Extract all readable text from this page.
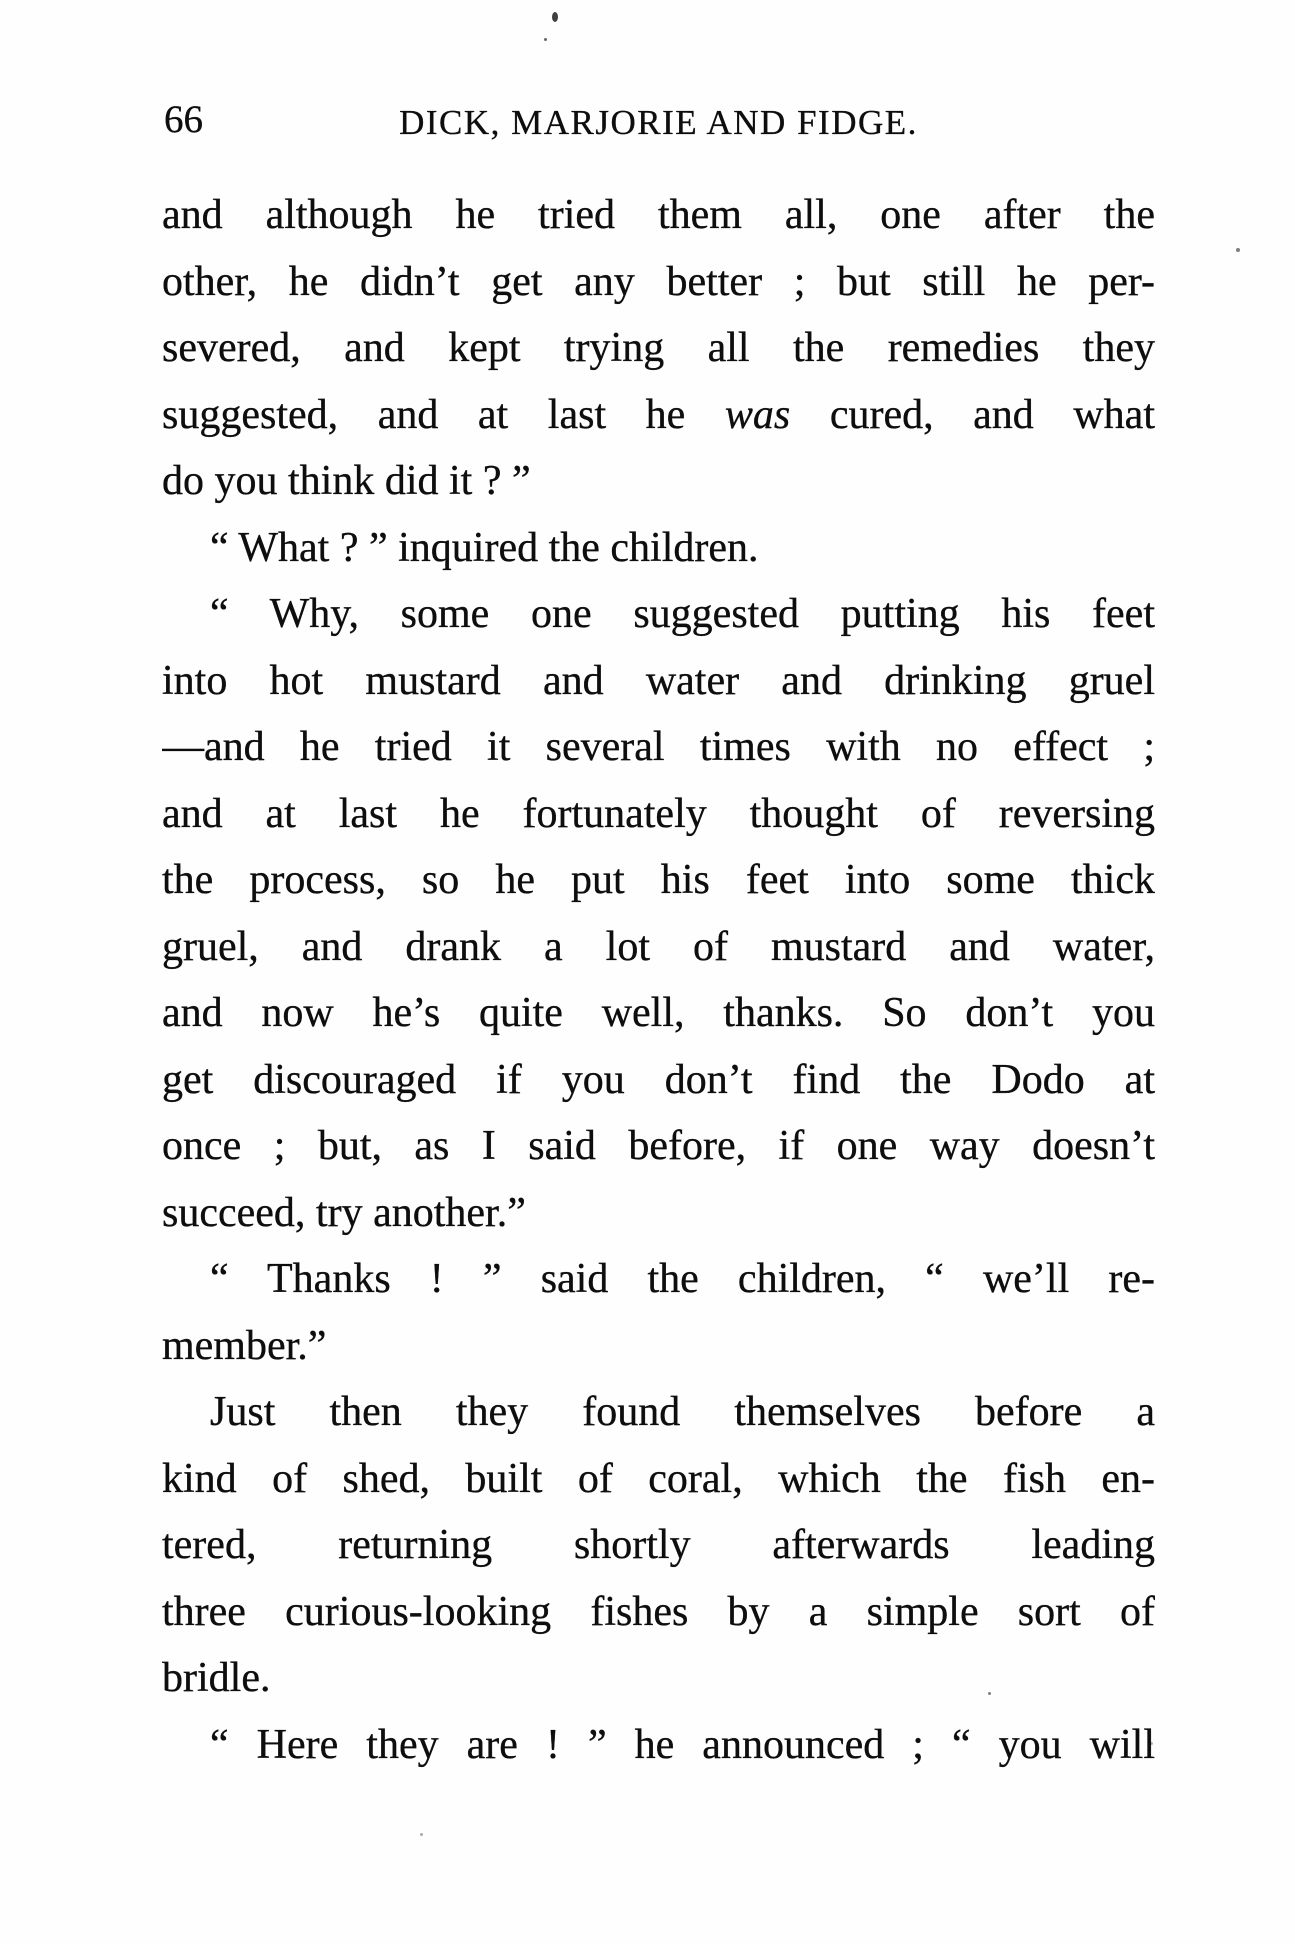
66	DICK, MARJORIE AND FIDGE.
and although he tried them all, one after the
other, he didn’t get any better ; but still he per-
severed, and kept trying all the remedies they
suggested, and at last he was cured, and what
do you think did it ? ”
“ What ? ” inquired the children.
“ Why, some one suggested putting his feet
into hot mustard and water and drinking gruel
—and he tried it several times with no effect ;
and at last he fortunately thought of reversing
the process, so he put his feet into some thick
gruel, and drank a lot of mustard and water,
and now he’s quite well, thanks. So don’t you
get discouraged if you don’t find the Dodo at
once ; but, as I said before, if one way doesn’t
succeed, try another.”
“ Thanks ! ” said the children, “ we’ll re-
member.”
Just then they found themselves before a
kind of shed, built of coral, which the fish en-
tered, returning shortly afterwards leading
three curious-looking fishes by a simple sort of
bridle.
“ Here they are ! ” he announced ; “ you will
